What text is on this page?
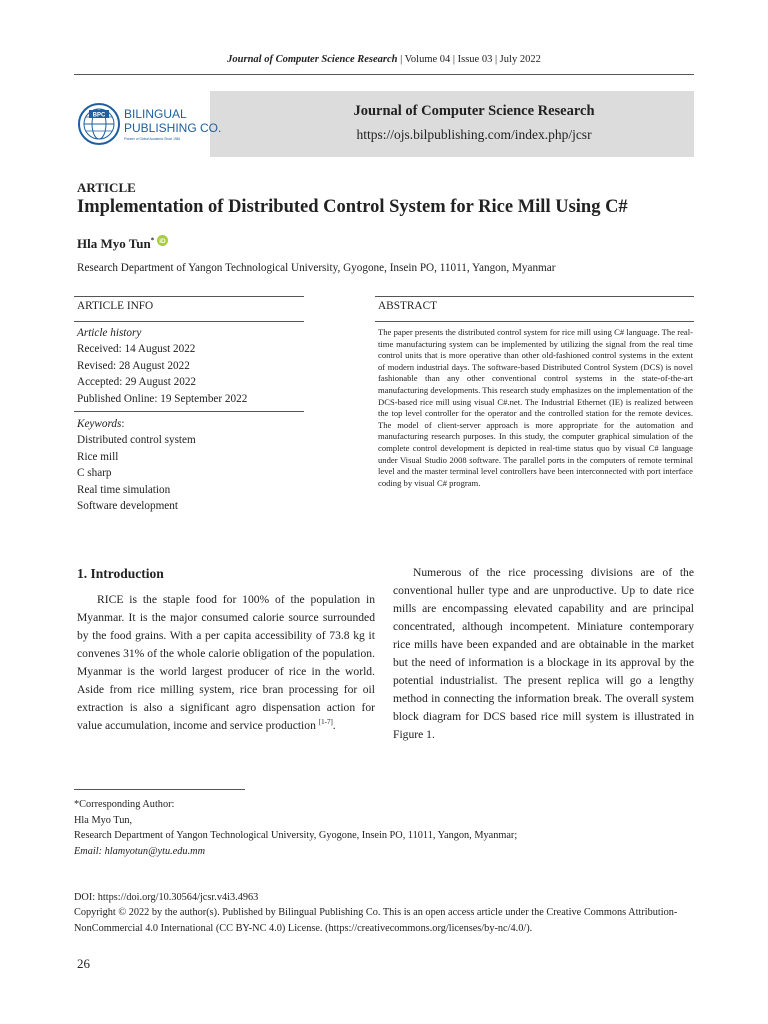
Journal of Computer Science Research | Volume 04 | Issue 03 | July 2022
BPC BILINGUAL
PUBLISHING CO.
Pioneer of Global Academic Since 1984
Journal of Computer Science Research
https://ojs.bilpublishing.com/index.php/jcsr
ARTICLE
Implementation of Distributed Control System for Rice Mill Using C#
Hla Myo Tun* iD
Research Department of Yangon Technological University, Gyogone, Insein PO, 11011, Yangon, Myanmar
ARTICLE INFO
Article history
Received: 14 August 2022
Revised: 28 August 2022
Accepted: 29 August 2022
Published Online: 19 September 2022
Keywords:
Distributed control system
Rice mill
C sharp
Real time simulation
Software development
ABSTRACT
The paper presents the distributed control system for rice mill using C# language. The real-time manufacturing system can be implemented by utilizing the signal from the real time control units that is more operative than other old-fashioned control systems in the extent of modern industrial days. The software-based Distributed Control System (DCS) is novel fashionable than any other conventional control systems in the state-of-the-art manufacturing developments. This research study emphasizes on the implementation of the DCS-based rice mill using visual C#.net. The Industrial Ethernet (IE) is realized between the top level controller for the operator and the controlled station for the remote devices. The model of client-server approach is more appropriate for the automation and manufacturing research purposes. In this study, the computer graphical simulation of the complete control development is depicted in real-time status quo by visual C# language under Visual Studio 2008 software. The parallel ports in the computers of remote terminal level and the master terminal level controllers have been interconnected with port interface coding by visual C# program.
1. Introduction

RICE is the staple food for 100% of the population in Myanmar. It is the major consumed calorie source surrounded by the food grains. With a per capita accessibility of 73.8 kg it convenes 31% of the whole calorie obligation of the population. Myanmar is the world largest producer of rice in the world. Aside from rice milling system, rice bran processing for oil extraction is also a significant agro dispensation action for value accumulation, income and service production [1-7].

Numerous of the rice processing divisions are of the conventional huller type and are unproductive. Up to date rice mills are encompassing elevated capability and are principal concentrated, although incompetent. Miniature contemporary rice mills have been expanded and are obtainable in the market but the need of information is a blockage in its approval by the potential industrialist. The present replica will go a lengthy method in connecting the information break. The overall system block diagram for DCS based rice mill system is illustrated in Figure 1.

*Corresponding Author:
Hla Myo Tun,
Research Department of Yangon Technological University, Gyogone, Insein PO, 11011, Yangon, Myanmar;
Email: hlamyotun@ytu.edu.mm
DOI: https://doi.org/10.30564/jcsr.v4i3.4963
Copyright © 2022 by the author(s). Published by Bilingual Publishing Co. This is an open access article under the Creative Commons Attribution-NonCommercial 4.0 International (CC BY-NC 4.0) License. (https://creativecommons.org/licenses/by-nc/4.0/).
26
